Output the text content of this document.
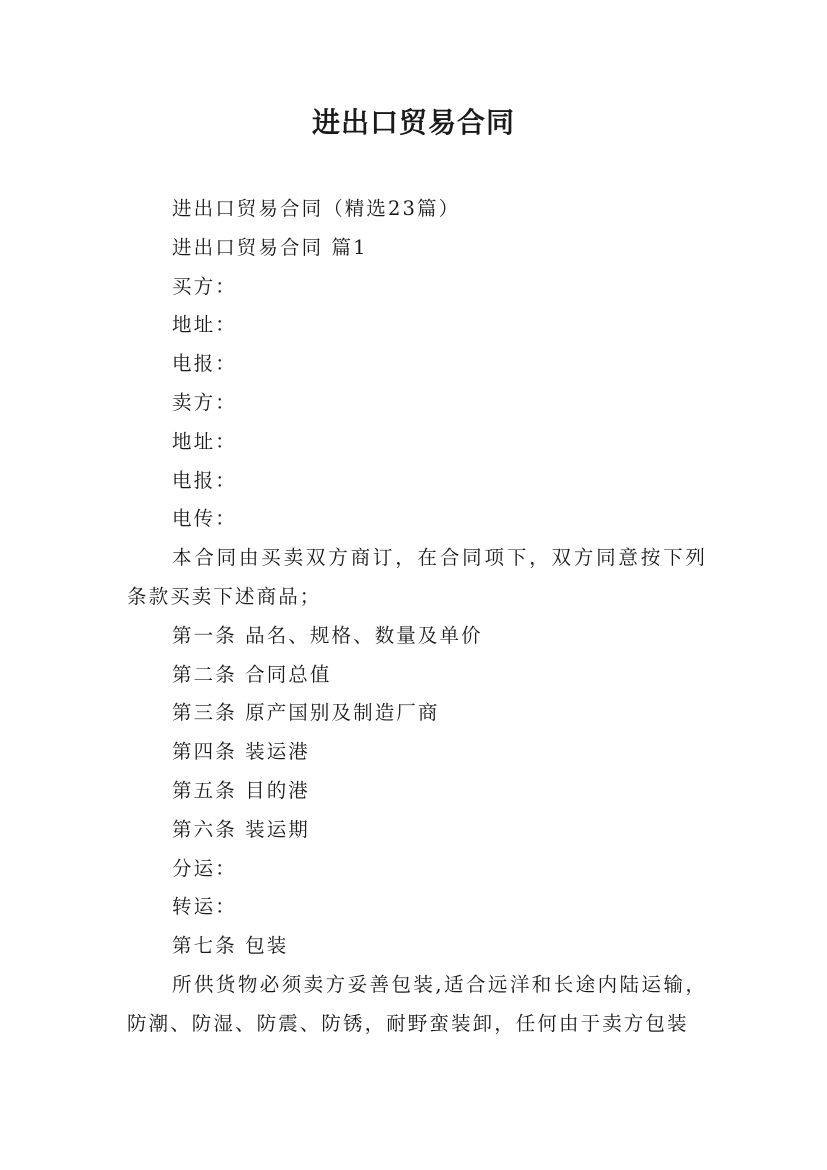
进出口贸易合同

进出口贸易合同（精选23篇）

进出口贸易合同 篇1

买方：

地址：

电报：

卖方：

地址：

电报：

电传：

本合同由买卖双方商订，在合同项下，双方同意按下列条款买卖下述商品；

第一条 品名、规格、数量及单价

第二条 合同总值

第三条 原产国别及制造厂商

第四条 装运港

第五条 目的港

第六条 装运期

分运：

转运：

第七条 包装

所供货物必须卖方妥善包装,适合远洋和长途内陆运输，防潮、防湿、防震、防锈，耐野蛮装卸，任何由于卖方包装
